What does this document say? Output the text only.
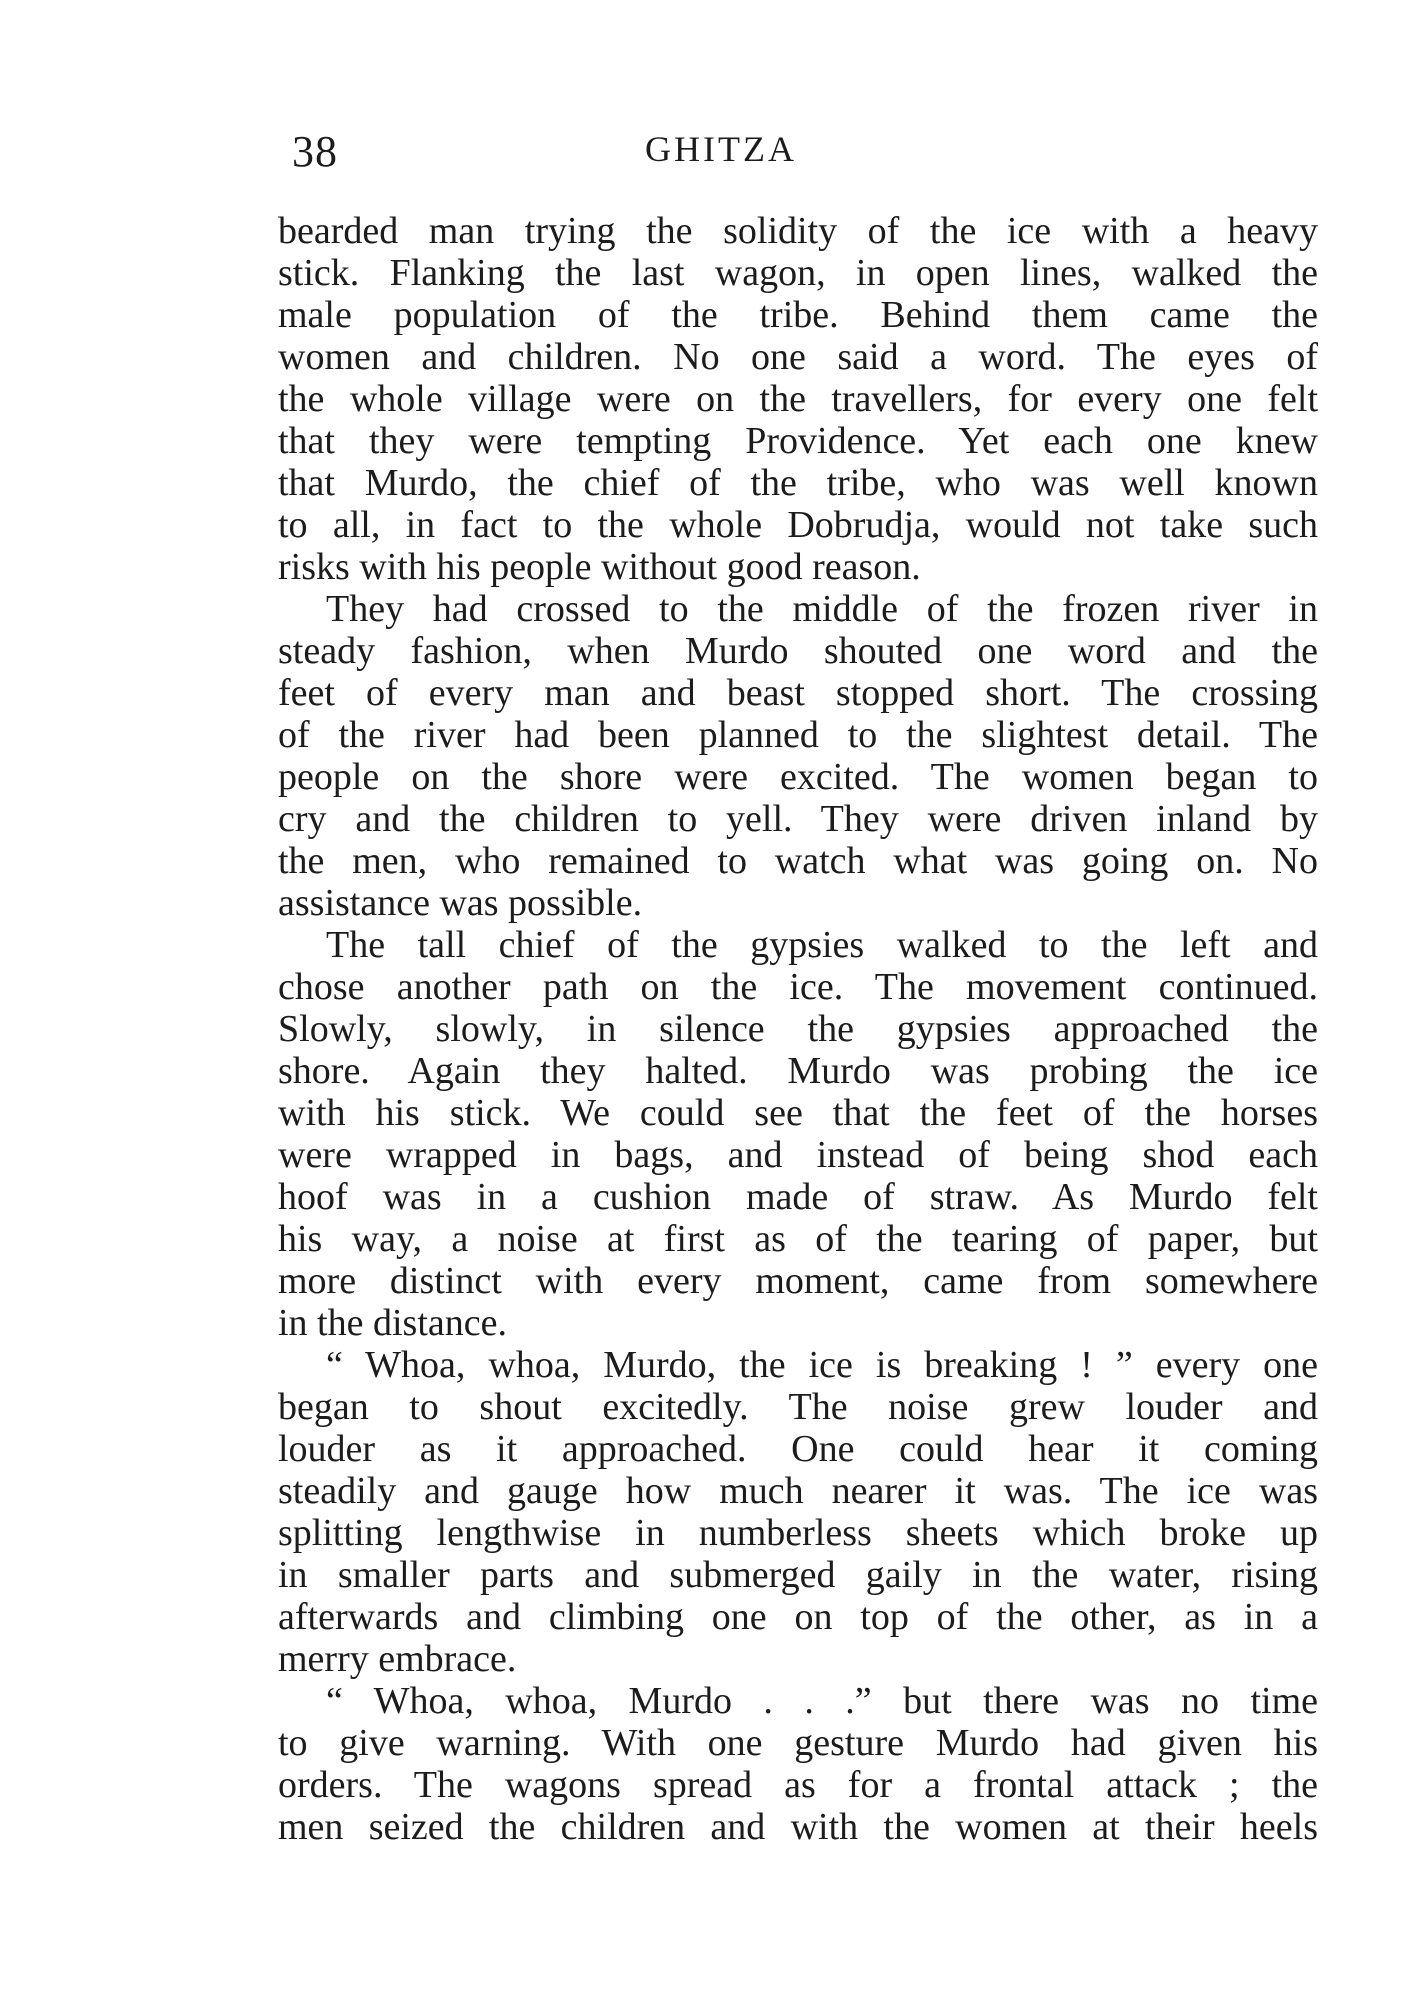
38	GHITZA
bearded man trying the solidity of the ice with a heavy
stick. Flanking the last wagon, in open lines, walked the
male population of the tribe. Behind them came the
women and children. No one said a word. The eyes of
the whole village were on the travellers, for every one felt
that they were tempting Providence. Yet each one knew
that Murdo, the chief of the tribe, who was well known
to all, in fact to the whole Dobrudja, would not take such
risks with his people without good reason.
They had crossed to the middle of the frozen river in
steady fashion, when Murdo shouted one word and the
feet of every man and beast stopped short. The crossing
of the river had been planned to the slightest detail. The
people on the shore were excited. The women began to
cry and the children to yell. They were driven inland by
the men, who remained to watch what was going on. No
assistance was possible.
The tall chief of the gypsies walked to the left and
chose another path on the ice. The movement continued.
Slowly, slowly, in silence the gypsies approached the
shore. Again they halted. Murdo was probing the ice
with his stick. We could see that the feet of the horses
were wrapped in bags, and instead of being shod each
hoof was in a cushion made of straw. As Murdo felt
his way, a noise at first as of the tearing of paper, but
more distinct with every moment, came from somewhere
in the distance.
“ Whoa, whoa, Murdo, the ice is breaking ! ” every one
began to shout excitedly. The noise grew louder and
louder as it approached. One could hear it coming
steadily and gauge how much nearer it was. The ice was
splitting lengthwise in numberless sheets which broke up
in smaller parts and submerged gaily in the water, rising
afterwards and climbing one on top of the other, as in a
merry embrace.
“ Whoa, whoa, Murdo . . .” but there was no time
to give warning. With one gesture Murdo had given his
orders. The wagons spread as for a frontal attack ; the
men seized the children and with the women at their heels
